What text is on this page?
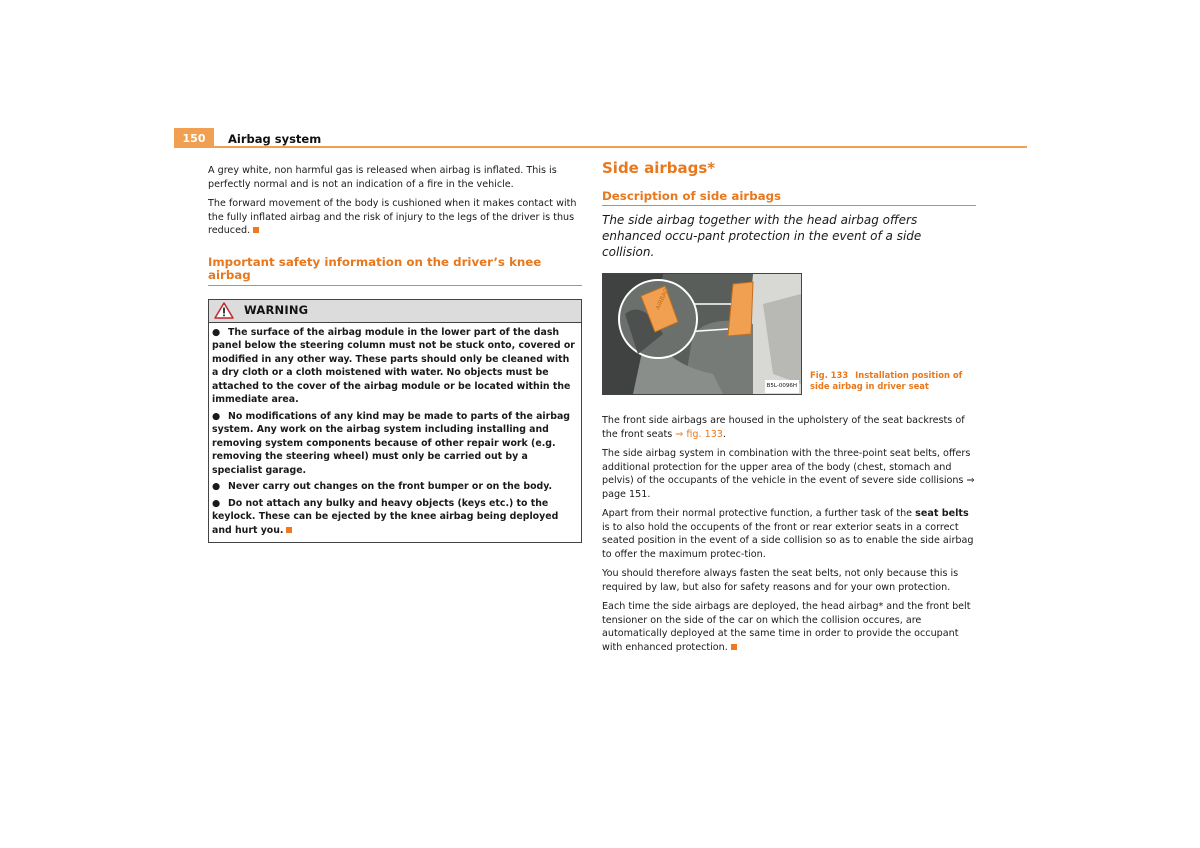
150	Airbag system

A grey white, non harmful gas is released when airbag is inflated. This is perfectly normal and is not an indication of a fire in the vehicle.

The forward movement of the body is cushioned when it makes contact with the fully inflated airbag and the risk of injury to the legs of the driver is thus reduced.

Important safety information on the driver’s knee airbag
WARNING
● The surface of the airbag module in the lower part of the dash panel below the steering column must not be stuck onto, covered or modified in any other way. These parts should only be cleaned with a dry cloth or a cloth moistened with water. No objects must be attached to the cover of the airbag module or be located within the immediate area.
● No modifications of any kind may be made to parts of the airbag system. Any work on the airbag system including installing and removing system components because of other repair work (e.g. removing the steering wheel) must only be carried out by a specialist garage.
● Never carry out changes on the front bumper or on the body.
● Do not attach any bulky and heavy objects (keys etc.) to the keylock. These can be ejected by the knee airbag being deployed and hurt you.
Side airbags*
Description of side airbags

The side airbag together with the head airbag offers enhanced occu-pant protection in the event of a side collision.

AIRBAG
B5L-0096H
Fig. 133 Installation position of side airbag in driver seat

The front side airbags are housed in the upholstery of the seat backrests of the front seats ⇒ fig. 133.

The side airbag system in combination with the three-point seat belts, offers additional protection for the upper area of the body (chest, stomach and pelvis) of the occupants of the vehicle in the event of severe side collisions ⇒ page 151.

Apart from their normal protective function, a further task of the seat belts is to also hold the occupents of the front or rear exterior seats in a correct seated position in the event of a side collision so as to enable the side airbag to offer the maximum protec-tion.

You should therefore always fasten the seat belts, not only because this is required by law, but also for safety reasons and for your own protection.

Each time the side airbags are deployed, the head airbag* and the front belt tensioner on the side of the car on which the collision occures, are automatically deployed at the same time in order to provide the occupant with enhanced protection.
